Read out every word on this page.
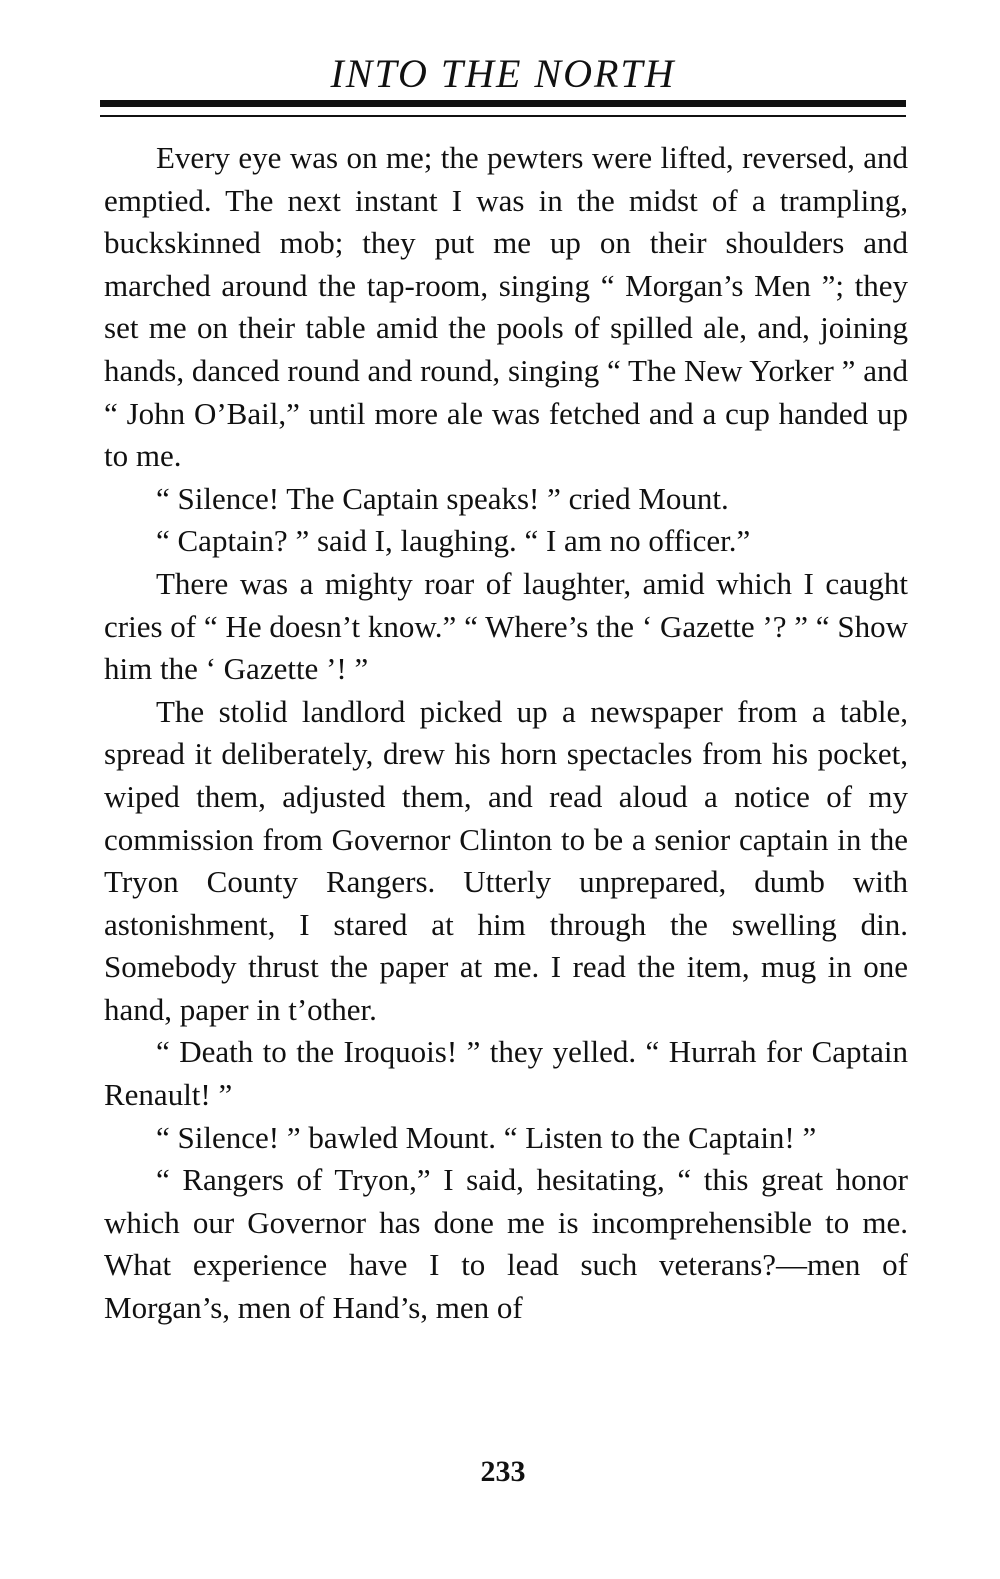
INTO THE NORTH

Every eye was on me; the pewters were lifted, reversed, and emptied. The next instant I was in the midst of a trampling, buckskinned mob; they put me up on their shoulders and marched around the tap-room, singing “ Morgan’s Men ”; they set me on their table amid the pools of spilled ale, and, joining hands, danced round and round, singing “ The New Yorker ” and “ John O’Bail,” until more ale was fetched and a cup handed up to me.

“ Silence! The Captain speaks! ” cried Mount.

“ Captain? ” said I, laughing. “ I am no officer.”

There was a mighty roar of laughter, amid which I caught cries of “ He doesn’t know.” “ Where’s the ‘ Gazette ’? ” “ Show him the ‘ Gazette ’! ”

The stolid landlord picked up a newspaper from a table, spread it deliberately, drew his horn spectacles from his pocket, wiped them, adjusted them, and read aloud a notice of my commission from Governor Clinton to be a senior captain in the Tryon County Rangers. Utterly unprepared, dumb with astonishment, I stared at him through the swelling din. Somebody thrust the paper at me. I read the item, mug in one hand, paper in t’other.

“ Death to the Iroquois! ” they yelled. “ Hurrah for Captain Renault! ”

“ Silence! ” bawled Mount. “ Listen to the Captain! ”

“ Rangers of Tryon,” I said, hesitating, “ this great honor which our Governor has done me is incomprehensible to me. What experience have I to lead such veterans?—men of Morgan’s, men of Hand’s, men of

233
